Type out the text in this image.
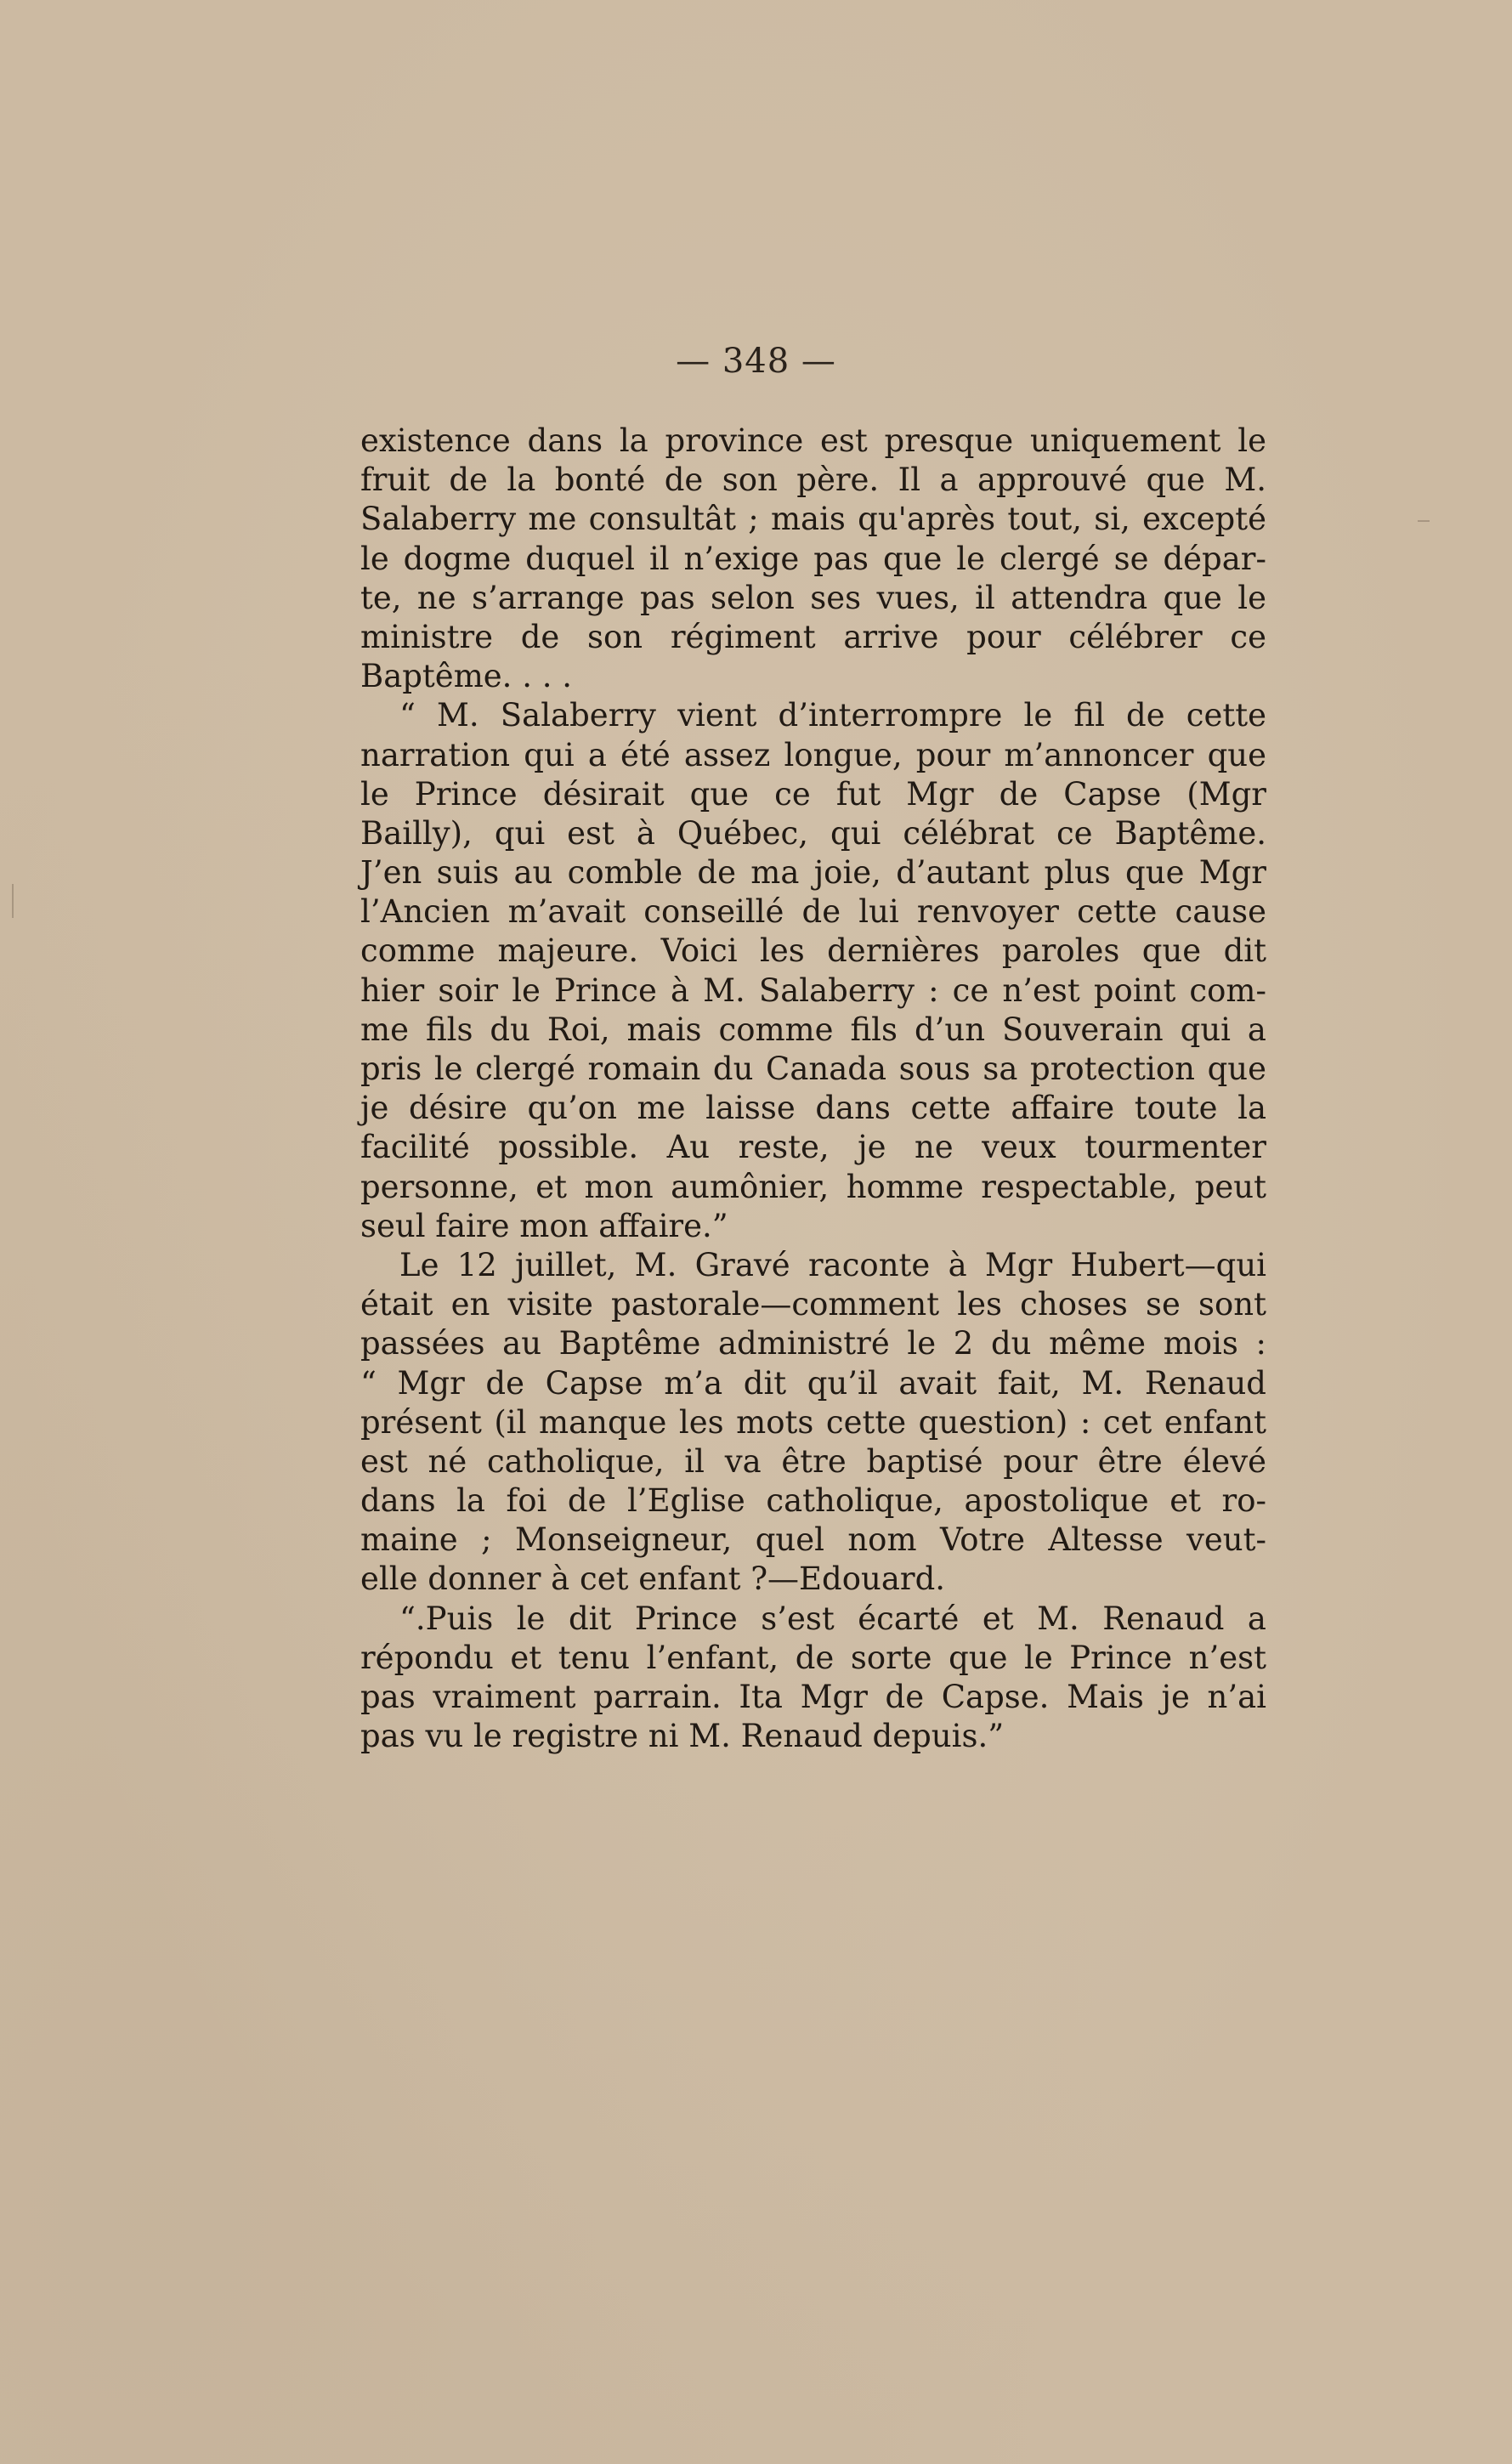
— 348 —
existence dans la province est presque uniquement le
fruit de la bonté de son père. Il a approuvé que M.
Salaberry me consultât ; mais qu'après tout, si, excepté
le dogme duquel il n’exige pas que le clergé se dépar-
te, ne s’arrange pas selon ses vues, il attendra que le
ministre de son régiment arrive pour célébrer ce
Baptême. . . .
“ M. Salaberry vient d’interrompre le fil de cette
narration qui a été assez longue, pour m’annoncer que
le Prince désirait que ce fut Mgr de Capse (Mgr
Bailly), qui est à Québec, qui célébrat ce Baptême.
J’en suis au comble de ma joie, d’autant plus que Mgr
l’Ancien m’avait conseillé de lui renvoyer cette cause
comme majeure. Voici les dernières paroles que dit
hier soir le Prince à M. Salaberry : ce n’est point com-
me fils du Roi, mais comme fils d’un Souverain qui a
pris le clergé romain du Canada sous sa protection que
je désire qu’on me laisse dans cette affaire toute la
facilité possible. Au reste, je ne veux tourmenter
personne, et mon aumônier, homme respectable, peut
seul faire mon affaire.”
Le 12 juillet, M. Gravé raconte à Mgr Hubert—qui
était en visite pastorale—comment les choses se sont
passées au Baptême administré le 2 du même mois :
“ Mgr de Capse m’a dit qu’il avait fait, M. Renaud
présent (il manque les mots cette question) : cet enfant
est né catholique, il va être baptisé pour être élevé
dans la foi de l’Eglise catholique, apostolique et ro-
maine ; Monseigneur, quel nom Votre Altesse veut-
elle donner à cet enfant ?—Edouard.
“.Puis le dit Prince s’est écarté et M. Renaud a
répondu et tenu l’enfant, de sorte que le Prince n’est
pas vraiment parrain. Ita Mgr de Capse. Mais je n’ai
pas vu le registre ni M. Renaud depuis.”
